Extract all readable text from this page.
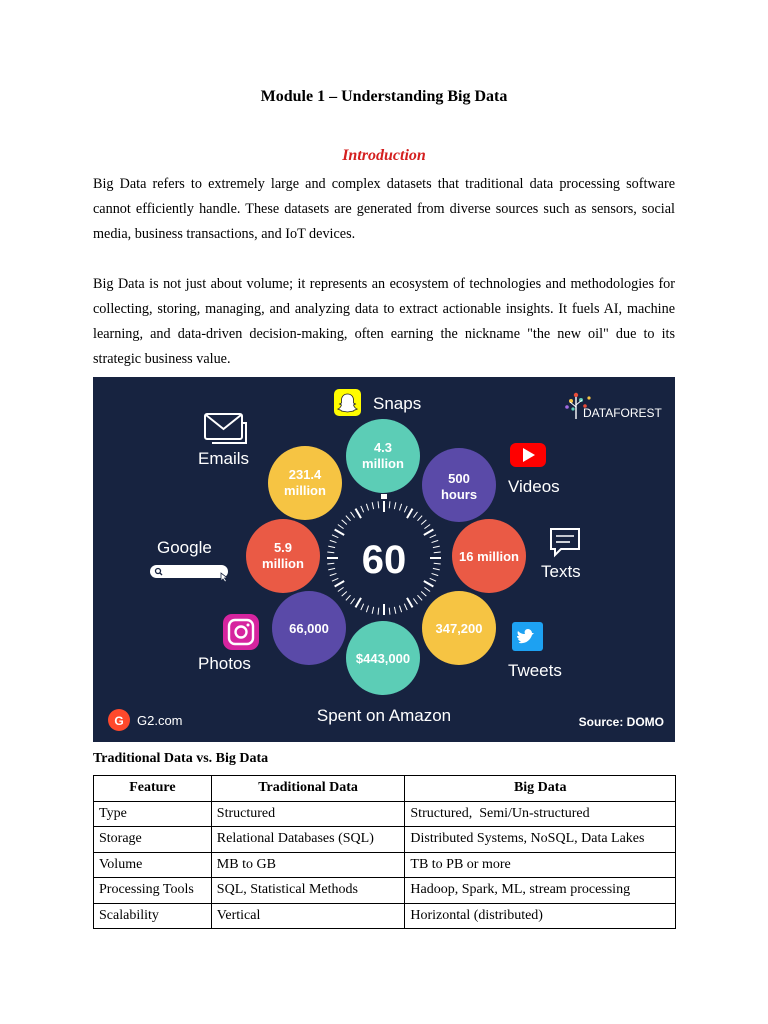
Module 1 – Understanding Big Data
Introduction

Big Data refers to extremely large and complex datasets that traditional data processing software cannot efficiently handle. These datasets are generated from diverse sources such as sensors, social media, business transactions, and IoT devices.

Big Data is not just about volume; it represents an ecosystem of technologies and methodologies for collecting, storing, managing, and analyzing data to extract actionable insights. It fuels AI, machine learning, and data-driven decision-making, often earning the nickname "the new oil" due to its strategic business value.

60
4.3
million
500
hours
16 million
347,200
$443,000
66,000
5.9
million
231.4
million
Snaps
Videos
Texts
Tweets
Spent on Amazon
Photos
Google
Emails
DATAFOREST
G G2.com	Source: DOMO
Traditional Data vs. Big Data
Feature	Traditional Data	Big Data
Type	Structured	Structured,  Semi/Un-structured
Storage	Relational Databases (SQL)	Distributed Systems, NoSQL, Data Lakes
Volume	MB to GB	TB to PB or more
Processing Tools	SQL, Statistical Methods	Hadoop, Spark, ML, stream processing
Scalability	Vertical	Horizontal (distributed)
